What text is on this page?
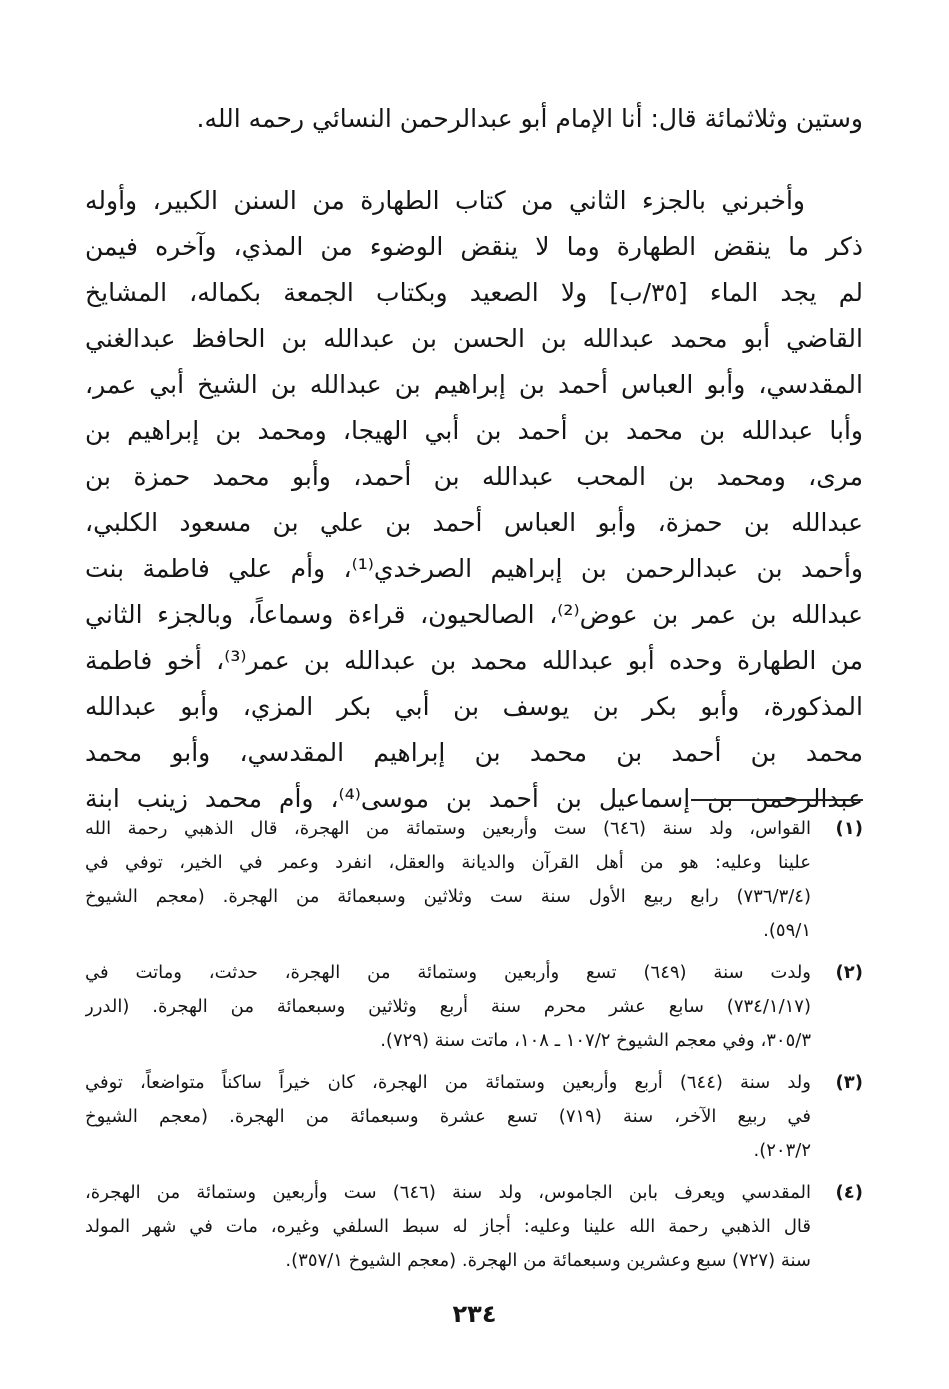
وستين وثلاثمائة قال: أنا الإمام أبو عبدالرحمن النسائي رحمه الله.
وأخبرني بالجزء الثاني من كتاب الطهارة من السنن الكبير، وأوله
ذكر ما ينقض الطهارة وما لا ينقض الوضوء من المذي، وآخره فيمن
لم يجد الماء [٣٥/ب] ولا الصعيد وبكتاب الجمعة بكماله، المشايخ
القاضي أبو محمد عبدالله بن الحسن بن عبدالله بن الحافظ عبدالغني
المقدسي، وأبو العباس أحمد بن إبراهيم بن عبدالله بن الشيخ أبي عمر،
وأبا عبدالله بن محمد بن أحمد بن أبي الهيجا، ومحمد بن إبراهيم بن
مرى، ومحمد بن المحب عبدالله بن أحمد، وأبو محمد حمزة بن
عبدالله بن حمزة، وأبو العباس أحمد بن علي بن مسعود الكلبي،
وأحمد بن عبدالرحمن بن إبراهيم الصرخدي⁽¹⁾، وأم علي فاطمة بنت
عبدالله بن عمر بن عوض⁽²⁾، الصالحيون، قراءة وسماعاً، وبالجزء الثاني
من الطهارة وحده أبو عبدالله محمد بن عبدالله بن عمر⁽³⁾، أخو فاطمة
المذكورة، وأبو بكر بن يوسف بن أبي بكر المزي، وأبو عبدالله
محمد بن أحمد بن محمد بن إبراهيم المقدسي، وأبو محمد
عبدالرحمن بن إسماعيل بن أحمد بن موسى⁽⁴⁾، وأم محمد زينب ابنة
(١)
القواس، ولد سنة (٦٤٦) ست وأربعين وستمائة من الهجرة، قال الذهبي رحمة الله
علينا وعليه: هو من أهل القرآن والديانة والعقل، انفرد وعمر في الخير، توفي في
(٧٣٦/٣/٤) رابع ربيع الأول سنة ست وثلاثين وسبعمائة من الهجرة. (معجم الشيوخ
٥٩/١).
(٢)
ولدت سنة (٦٤٩) تسع وأربعين وستمائة من الهجرة، حدثت، وماتت في
(٧٣٤/١/١٧) سابع عشر محرم سنة أربع وثلاثين وسبعمائة من الهجرة. (الدرر
٣٠٥/٣، وفي معجم الشيوخ ١٠٧/٢ ـ ١٠٨، ماتت سنة (٧٢٩).
(٣)
ولد سنة (٦٤٤) أربع وأربعين وستمائة من الهجرة، كان خيراً ساكناً متواضعاً، توفي
في ربيع الآخر، سنة (٧١٩) تسع عشرة وسبعمائة من الهجرة. (معجم الشيوخ
٢٠٣/٢).
(٤)
المقدسي ويعرف بابن الجاموس، ولد سنة (٦٤٦) ست وأربعين وستمائة من الهجرة،
قال الذهبي رحمة الله علينا وعليه: أجاز له سبط السلفي وغيره، مات في شهر المولد
سنة (٧٢٧) سبع وعشرين وسبعمائة من الهجرة. (معجم الشيوخ ٣٥٧/١).
٢٣٤
